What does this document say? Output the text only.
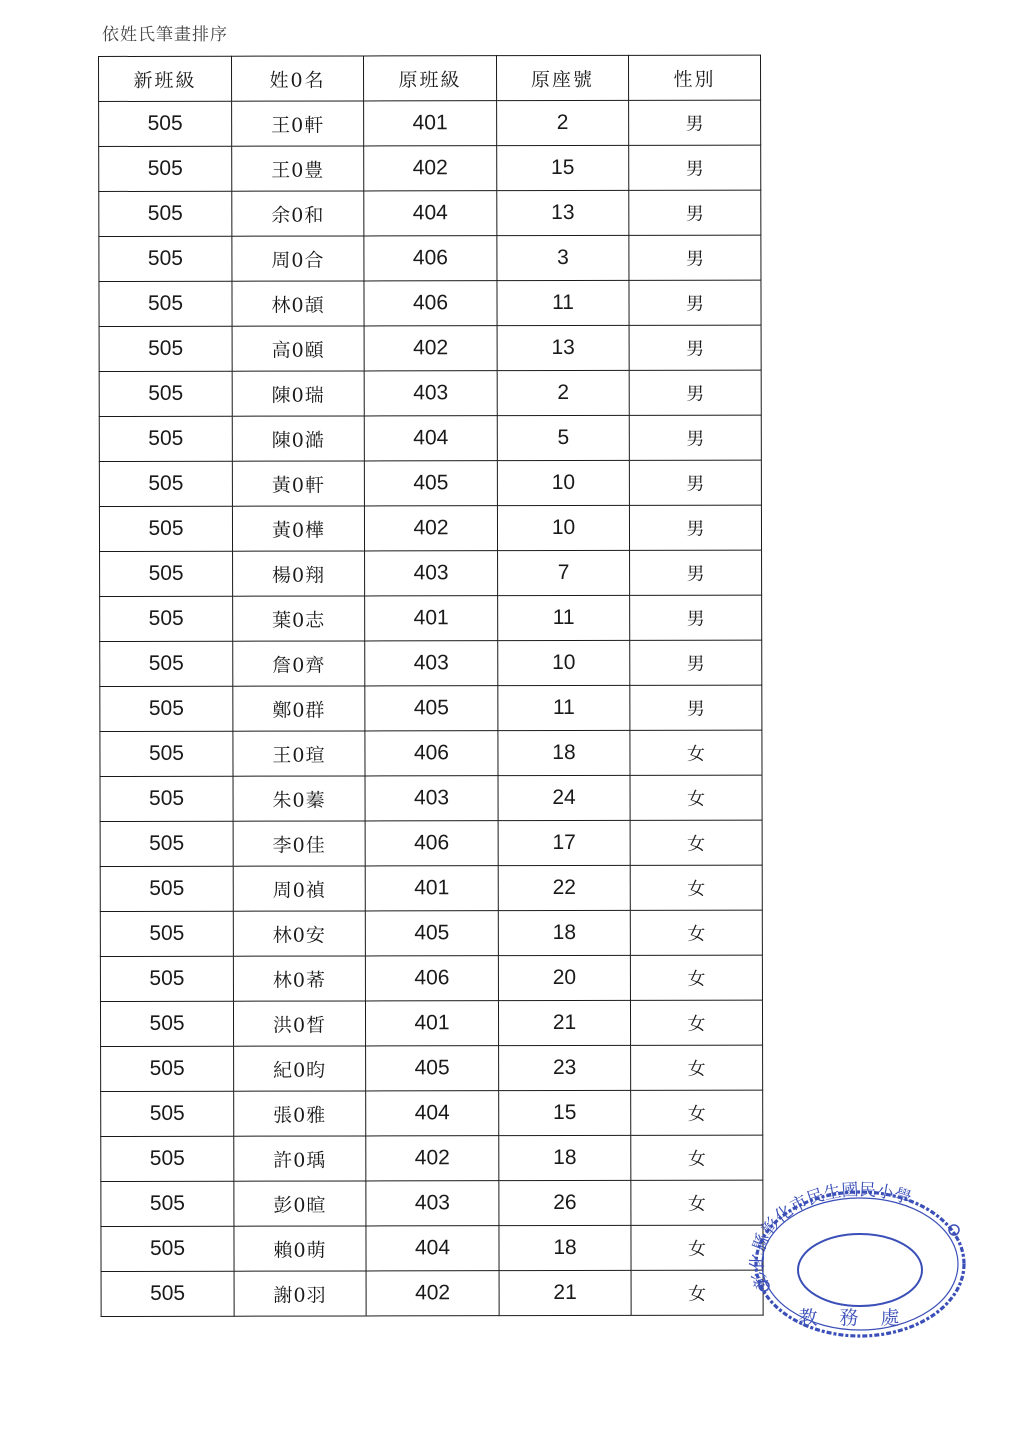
依姓氏筆畫排序
新班級	姓0名	原班級	原座號	性別
505	王0軒	401	2	男
505	王0豊	402	15	男
505	余0和	404	13	男
505	周0合	406	3	男
505	林0頡	406	11	男
505	高0頤	402	13	男
505	陳0瑞	403	2	男
505	陳0澔	404	5	男
505	黃0軒	405	10	男
505	黃0樺	402	10	男
505	楊0翔	403	7	男
505	葉0志	401	11	男
505	詹0齊	403	10	男
505	鄭0群	405	11	男
505	王0瑄	406	18	女
505	朱0蓁	403	24	女
505	李0佳	406	17	女
505	周0禎	401	22	女
505	林0安	405	18	女
505	林0莃	406	20	女
505	洪0晳	401	21	女
505	紀0昀	405	23	女
505	張0雅	404	15	女
505	許0瑀	402	18	女
505	彭0暄	403	26	女
505	賴0萌	404	18	女
505	謝0羽	402	21	女
彰化縣彰化市民生國民小學
教務處
